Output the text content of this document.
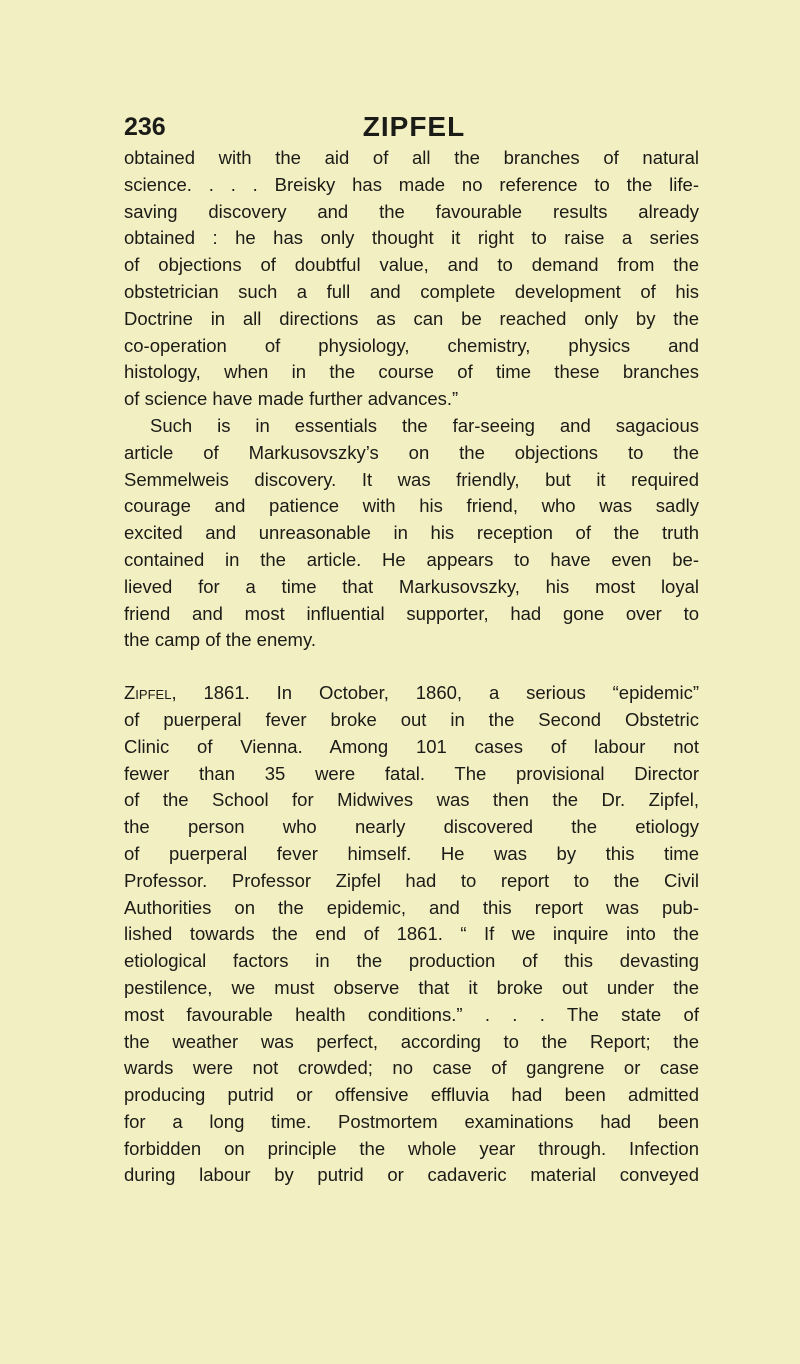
236	ZIPFEL

obtained with the aid of all the branches of natural
science. . . . Breisky has made no reference to the life-
saving discovery and the favourable results already
obtained : he has only thought it right to raise a series
of objections of doubtful value, and to demand from the
obstetrician such a full and complete development of his
Doctrine in all directions as can be reached only by the
co-operation of physiology, chemistry, physics and
histology, when in the course of time these branches
of science have made further advances.”

Such is in essentials the far-seeing and sagacious
article of Markusovszky’s on the objections to the
Semmelweis discovery. It was friendly, but it required
courage and patience with his friend, who was sadly
excited and unreasonable in his reception of the truth
contained in the article. He appears to have even be-
lieved for a time that Markusovszky, his most loyal
friend and most influential supporter, had gone over to
the camp of the enemy.

Zipfel, 1861. In October, 1860, a serious “epidemic”
of puerperal fever broke out in the Second Obstetric
Clinic of Vienna. Among 101 cases of labour not
fewer than 35 were fatal. The provisional Director
of the School for Midwives was then the Dr. Zipfel,
the person who nearly discovered the etiology
of puerperal fever himself. He was by this time
Professor. Professor Zipfel had to report to the Civil
Authorities on the epidemic, and this report was pub-
lished towards the end of 1861. “ If we inquire into the
etiological factors in the production of this devasting
pestilence, we must observe that it broke out under the
most favourable health conditions.” . . . The state of
the weather was perfect, according to the Report; the
wards were not crowded; no case of gangrene or case
producing putrid or offensive effluvia had been admitted
for a long time. Postmortem examinations had been
forbidden on principle the whole year through. Infection
during labour by putrid or cadaveric material conveyed
